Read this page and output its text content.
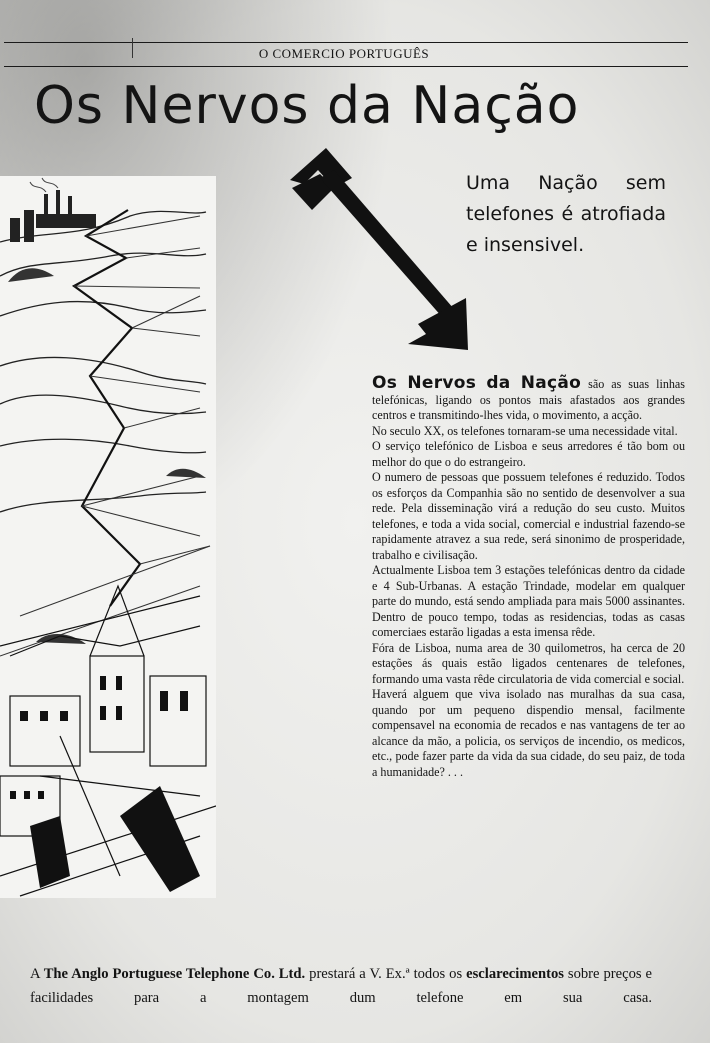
O COMERCIO PORTUGUÊS
Os Nervos da Nação
Uma Nação sem telefones é atrofiada e insensivel.

Os Nervos da Nação são as suas linhas telefónicas, ligando os pontos mais afastados aos grandes centros e transmitindo-lhes vida, o movimento, a acção.

No seculo XX, os telefones tornaram-se uma necessidade vital.

O serviço telefónico de Lisboa e seus arredores é tão bom ou melhor do que o do estrangeiro.

O numero de pessoas que possuem telefones é reduzido. Todos os esforços da Companhia são no sentido de desenvolver a sua rede. Pela disseminação virá a redução do seu custo. Muitos telefones, e toda a vida social, comercial e industrial fazendo-se rapidamente atravez a sua rede, será sinonimo de prosperidade, trabalho e civilisação.

Actualmente Lisboa tem 3 estações telefónicas dentro da cidade e 4 Sub-Urbanas. A estação Trindade, modelar em qualquer parte do mundo, está sendo ampliada para mais 5000 assinantes. Dentro de pouco tempo, todas as residencias, todas as casas comerciaes estarão ligadas a esta imensa rêde.

Fóra de Lisboa, numa area de 30 quilometros, ha cerca de 20 estações ás quais estão ligados centenares de telefones, formando uma vasta rêde circulatoria de vida comercial e social.

Haverá alguem que viva isolado nas muralhas da sua casa, quando por um pequeno dispendio mensal, facilmente compensavel na economia de recados e nas vantagens de ter ao alcance da mão, a policia, os serviços de incendio, os medicos, etc., pode fazer parte da vida da sua cidade, do seu paiz, de toda a humanidade? . . .

A The Anglo Portuguese Telephone Co. Ltd. prestará a V. Ex.ª todos os esclarecimentos sobre preços e facilidades para a montagem dum telefone em sua casa.
